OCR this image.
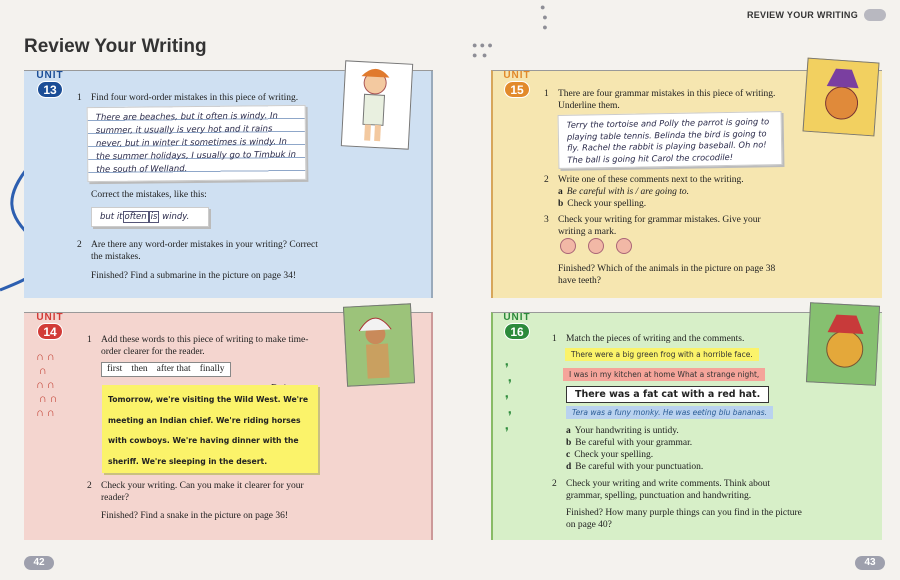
REVIEW YOUR WRITING
Review Your Writing
●
●
●
● ● ●
●  ●
UNIT
13
1 Find four word-order mistakes in this piece of writing.
There are beaches, but it often is windy. In summer, it usually is very hot and it rains never, but in winter it sometimes is windy. In the summer holidays, I usually go to Timbuk in the south of Welland.
Correct the mistakes, like this:
but it often is windy.
2 Are there any word-order mistakes in your writing? Correct the mistakes.
Finished? Find a submarine in the picture on page 34!
UNIT
15	1 There are four grammar mistakes in this piece of writing. Underline them.
Terry the tortoise and Polly the parrot is going to playing table tennis. Belinda the bird is going to fly. Rachel the rabbit is playing baseball. Oh no! The ball is going hit Carol the crocodile!
2 Write one of these comments next to the writing.
a Be careful with is / are going to.
b Check your spelling.
3 Check your writing for grammar mistakes. Give your writing a mark.
Finished? Which of the animals in the picture on page 38 have teeth?
UNIT
14
1 Add these words to this piece of writing to make time-order clearer for the reader.
first then after that finally
Tomorrow, we're visiting the Wild West. We're meeting an Indian chief. We're riding horses with cowboys. We're having dinner with the sheriff. We're sleeping in the desert.
2 Check your writing. Can you make it clearer for your reader?
Finished? Find a snake in the picture on page 36!
UNIT
16	1 Match the pieces of writing and the comments.
There were a big green frog with a horrible face.
I was in my kitchen at home What a strange night,
There was a fat cat with a red hat.
Tera was a funy monky. He was eeting blu bananas.
a Your handwriting is untidy.
b Be careful with your grammar.
c Check your spelling.
d Be careful with your punctuation.
2 Check your writing and write comments. Think about grammar, spelling, punctuation and handwriting.
Finished? How many purple things can you find in the picture on page 40?
∩ ∩
∩
∩ ∩
∩ ∩
∩ ∩
❜
❜
❜
❜
❜
42	43
